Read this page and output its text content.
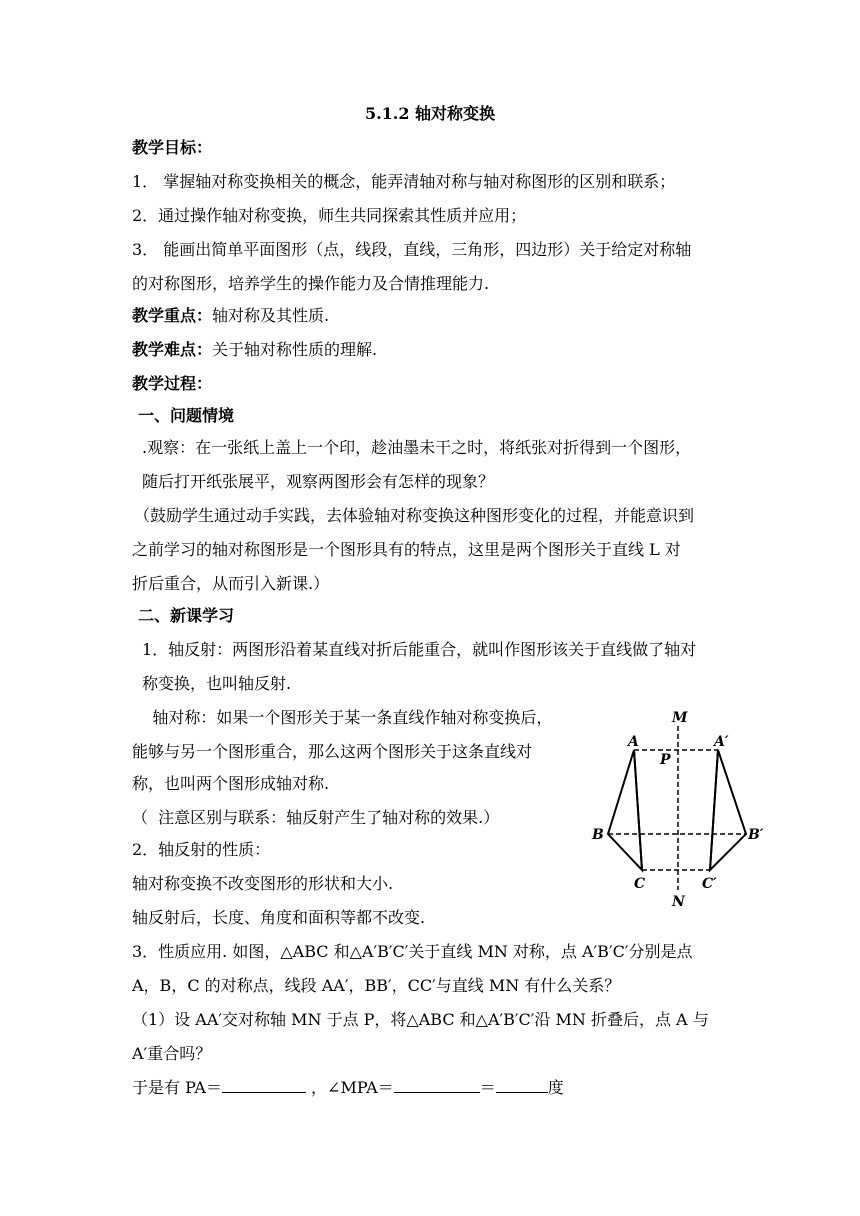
5.1.2 轴对称变换
教学目标：
1． 掌握轴对称变换相关的概念，能弄清轴对称与轴对称图形的区别和联系；
2．通过操作轴对称变换，师生共同探索其性质并应用；
3． 能画出简单平面图形（点，线段，直线，三角形，四边形）关于给定对称轴
的对称图形，培养学生的操作能力及合情推理能力.
教学重点：轴对称及其性质.
教学难点：关于轴对称性质的理解.
教学过程：
一、问题情境
.观察：在一张纸上盖上一个印，趁油墨未干之时，将纸张对折得到一个图形，
随后打开纸张展平，观察两图形会有怎样的现象？
（鼓励学生通过动手实践，去体验轴对称变换这种图形变化的过程，并能意识到
之前学习的轴对称图形是一个图形具有的特点，这里是两个图形关于直线 L 对
折后重合，从而引入新课.）
二、新课学习
1．轴反射：两图形沿着某直线对折后能重合，就叫作图形该关于直线做了轴对
称变换，也叫轴反射.
轴对称：如果一个图形关于某一条直线作轴对称变换后，
能够与另一个图形重合，那么这两个图形关于这条直线对
称，也叫两个图形成轴对称.
（  注意区别与联系：轴反射产生了轴对称的效果.）
2．轴反射的性质：
轴对称变换不改变图形的形状和大小.
轴反射后，长度、角度和面积等都不改变.
3．性质应用. 如图，△ABC 和△A′B′C′关于直线 MN 对称，点 A′B′C′分别是点
A，B，C 的对称点，线段 AA′，BB′，CC′与直线 MN 有什么关系？
（1）设 AA′交对称轴 MN 于点 P，将△ABC 和△A′B′C′沿 MN 折叠后，点 A 与
A′重合吗？
于是有 PA＝	，∠MPA＝	＝	度
M
N
P
A	A′
B	B′
C	C′
